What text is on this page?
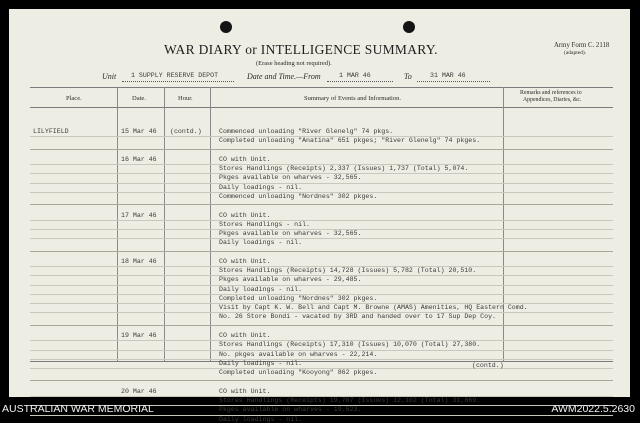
WAR DIARY or INTELLIGENCE SUMMARY.
(Erase heading not required).
Army Form C. 2118
(adapted).
Unit 1 SUPPLY RESERVE DEPOT	Date and Time.—From	1 MAR 46	To	31 MAR 46
Place.	Date.	Hour.	Summary of Events and Information.
Remarks and references to
Appendices, Diaries, &c.
LILYFIELD	15 Mar 46 (contd.)	Commenced unloading "River Glenelg" 74 pkgs.
Completed unloading "Anatina" 651 pkges; "River Glenelg" 74 pkges.
16 Mar 46	CO with Unit.
Stores Handlings (Receipts) 2,337 (Issues) 1,737 (Total) 5,074.
Pkges available on wharves - 32,565.
Daily loadings - nil.
Commenced unloading "Nordnes" 302 pkges.
17 Mar 46	CO with Unit.
Stores Handlings - nil.
Pkges available on wharves - 32,565.
Daily loadings - nil.
18 Mar 46	CO with Unit.
Stores Handlings (Receipts) 14,728 (Issues) 5,782 (Total) 20,510.
Pkges available on wharves - 29,485.
Daily loadings - nil.
Completed unloading "Nordnes" 302 pkges.
Visit by Capt K. W. Bell and Capt M. Browne (AMAS) Amenities, HQ Eastern Comd.
No. 26 Store Bondi - vacated by 3RD and handed over to 17 Sup Dep Coy.
19 Mar 46	CO with Unit.
Stores Handlings (Receipts) 17,310 (Issues) 10,070 (Total) 27,380.
No. pkges available on wharves - 22,214.
Daily loadings - nil.
Completed unloading "Kooyong" 862 pkges.
20 Mar 46	CO with Unit.
Stores Handlings (Receipts) 19,707 (Issues) 12,102 (Total) 31,869.
Pkges available on wharves - 19,523.
Daily loadings - nil.
(contd.)
AUSTRALIAN WAR MEMORIAL	AWM2022.5.2630
